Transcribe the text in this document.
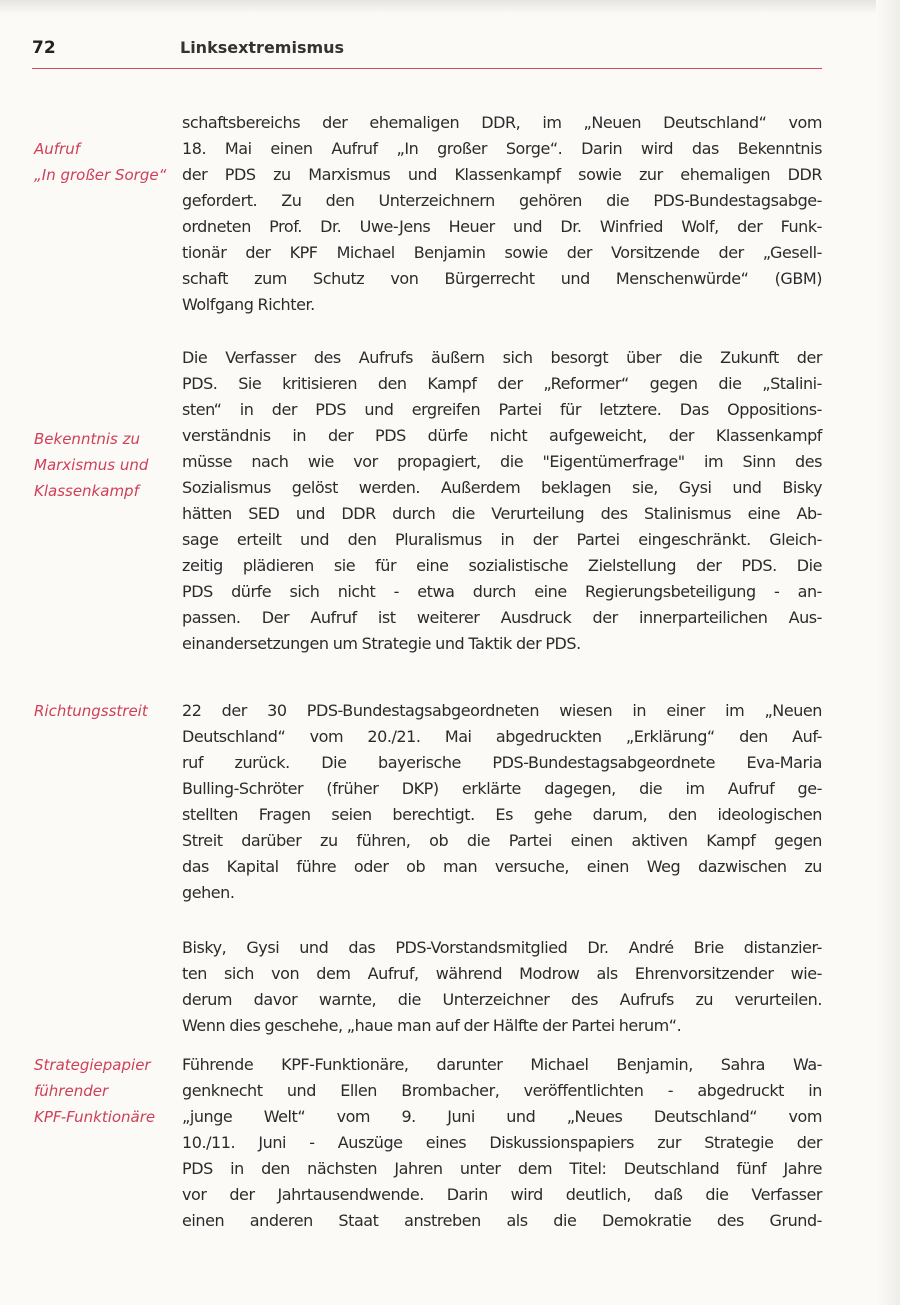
72	Linksextremismus

Aufruf
„In großer Sorge“

Bekenntnis zu
Marxismus und
Klassenkampf

Richtungsstreit

Strategiepapier
führender
KPF-Funktionäre

schaftsbereichs der ehemaligen DDR, im „Neuen Deutschland“ vom
18. Mai einen Aufruf „In großer Sorge“. Darin wird das Bekenntnis
der PDS zu Marxismus und Klassenkampf sowie zur ehemaligen DDR
gefordert. Zu den Unterzeichnern gehören die PDS-Bundestagsabge-
ordneten Prof. Dr. Uwe-Jens Heuer und Dr. Winfried Wolf, der Funk-
tionär der KPF Michael Benjamin sowie der Vorsitzende der „Gesell-
schaft zum Schutz von Bürgerrecht und Menschenwürde“ (GBM)
Wolfgang Richter.

Die Verfasser des Aufrufs äußern sich besorgt über die Zukunft der
PDS. Sie kritisieren den Kampf der „Reformer“ gegen die „Stalini-
sten“ in der PDS und ergreifen Partei für letztere. Das Oppositions-
verständnis in der PDS dürfe nicht aufgeweicht, der Klassenkampf
müsse nach wie vor propagiert, die "Eigentümerfrage" im Sinn des
Sozialismus gelöst werden. Außerdem beklagen sie, Gysi und Bisky
hätten SED und DDR durch die Verurteilung des Stalinismus eine Ab-
sage erteilt und den Pluralismus in der Partei eingeschränkt. Gleich-
zeitig plädieren sie für eine sozialistische Zielstellung der PDS. Die
PDS dürfe sich nicht - etwa durch eine Regierungsbeteiligung - an-
passen. Der Aufruf ist weiterer Ausdruck der innerparteilichen Aus-
einandersetzungen um Strategie und Taktik der PDS.

22 der 30 PDS-Bundestagsabgeordneten wiesen in einer im „Neuen
Deutschland“ vom 20./21. Mai abgedruckten „Erklärung“ den Auf-
ruf zurück. Die bayerische PDS-Bundestagsabgeordnete Eva-Maria
Bulling-Schröter (früher DKP) erklärte dagegen, die im Aufruf ge-
stellten Fragen seien berechtigt. Es gehe darum, den ideologischen
Streit darüber zu führen, ob die Partei einen aktiven Kampf gegen
das Kapital führe oder ob man versuche, einen Weg dazwischen zu
gehen.

Bisky, Gysi und das PDS-Vorstandsmitglied Dr. André Brie distanzier-
ten sich von dem Aufruf, während Modrow als Ehrenvorsitzender wie-
derum davor warnte, die Unterzeichner des Aufrufs zu verurteilen.
Wenn dies geschehe, „haue man auf der Hälfte der Partei herum“.

Führende KPF-Funktionäre, darunter Michael Benjamin, Sahra Wa-
genknecht und Ellen Brombacher, veröffentlichten - abgedruckt in
„junge Welt“ vom 9. Juni und „Neues Deutschland“ vom
10./11. Juni - Auszüge eines Diskussionspapiers zur Strategie der
PDS in den nächsten Jahren unter dem Titel: Deutschland fünf Jahre
vor der Jahrtausendwende. Darin wird deutlich, daß die Verfasser
einen anderen Staat anstreben als die Demokratie des Grund-
